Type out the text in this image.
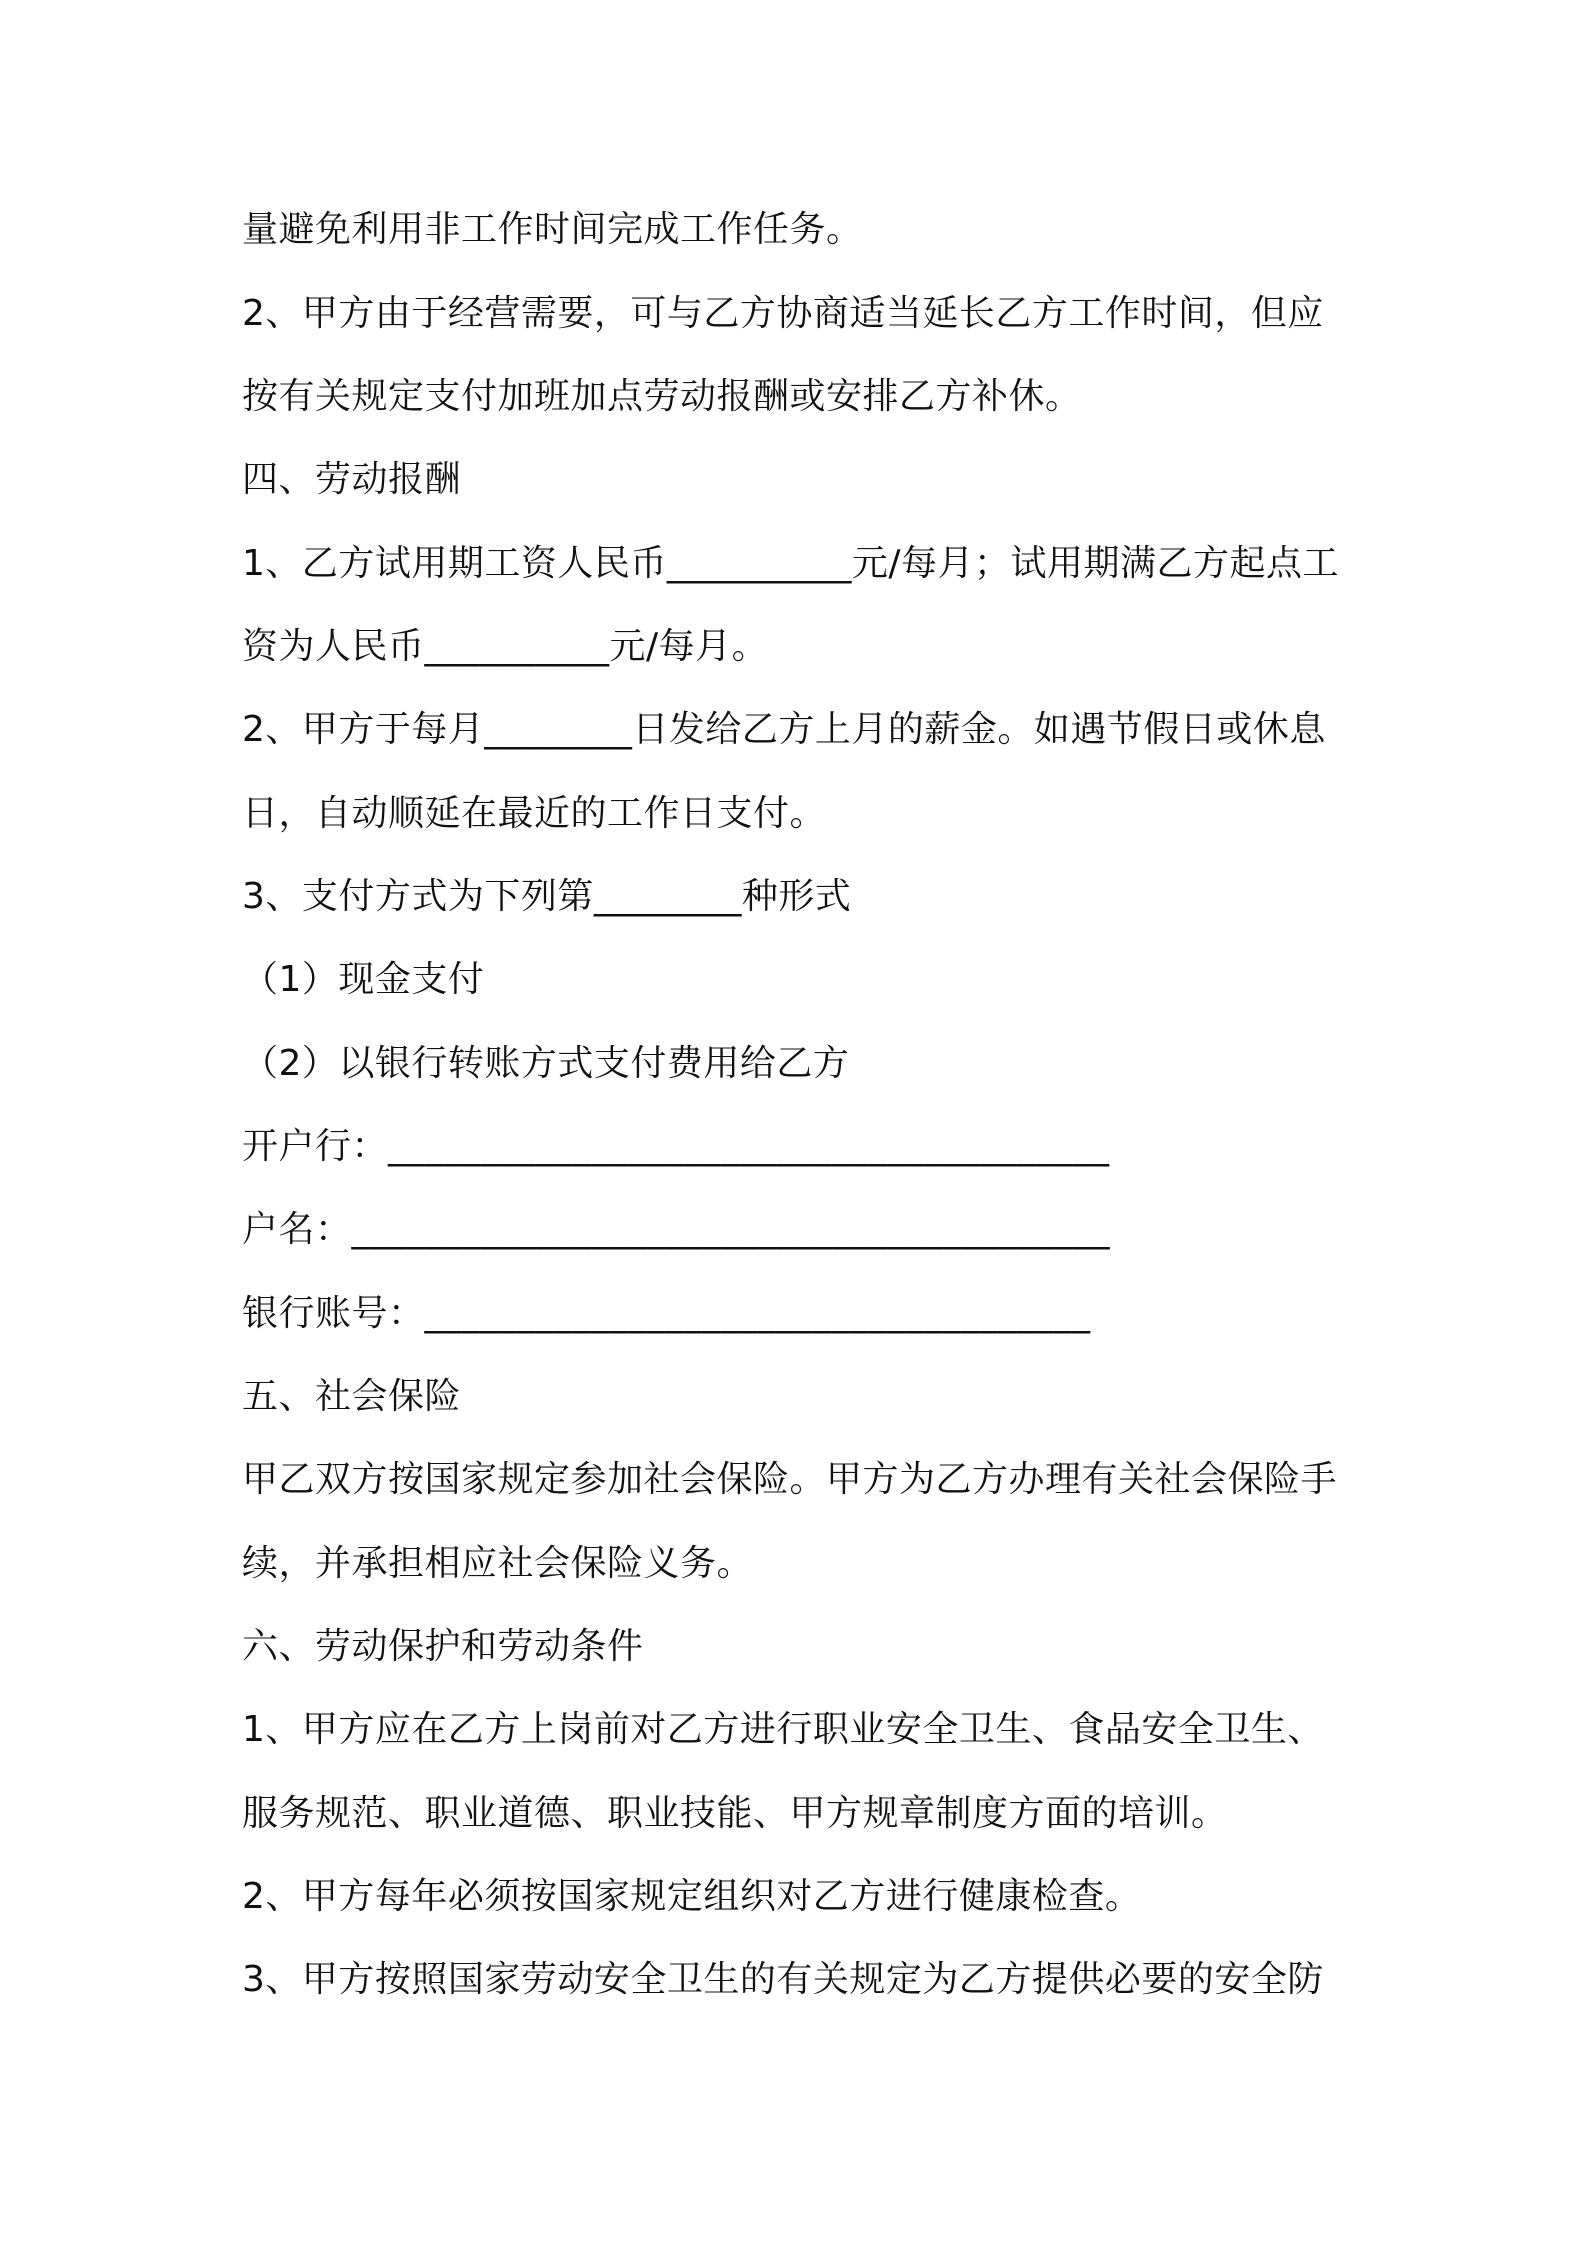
量避免利用非工作时间完成工作任务。
2、甲方由于经营需要，可与乙方协商适当延长乙方工作时间，但应
按有关规定支付加班加点劳动报酬或安排乙方补休。
四、劳动报酬
1、乙方试用期工资人民币__________元/每月；试用期满乙方起点工
资为人民币__________元/每月。
2、甲方于每月________日发给乙方上月的薪金。如遇节假日或休息
日，自动顺延在最近的工作日支付。
3、支付方式为下列第________种形式
（1）现金支付
（2）以银行转账方式支付费用给乙方
开户行：_______________________________________
户名：_________________________________________
银行账号：____________________________________
五、社会保险
甲乙双方按国家规定参加社会保险。甲方为乙方办理有关社会保险手
续，并承担相应社会保险义务。
六、劳动保护和劳动条件
1、甲方应在乙方上岗前对乙方进行职业安全卫生、食品安全卫生、
服务规范、职业道德、职业技能、甲方规章制度方面的培训。
2、甲方每年必须按国家规定组织对乙方进行健康检查。
3、甲方按照国家劳动安全卫生的有关规定为乙方提供必要的安全防
